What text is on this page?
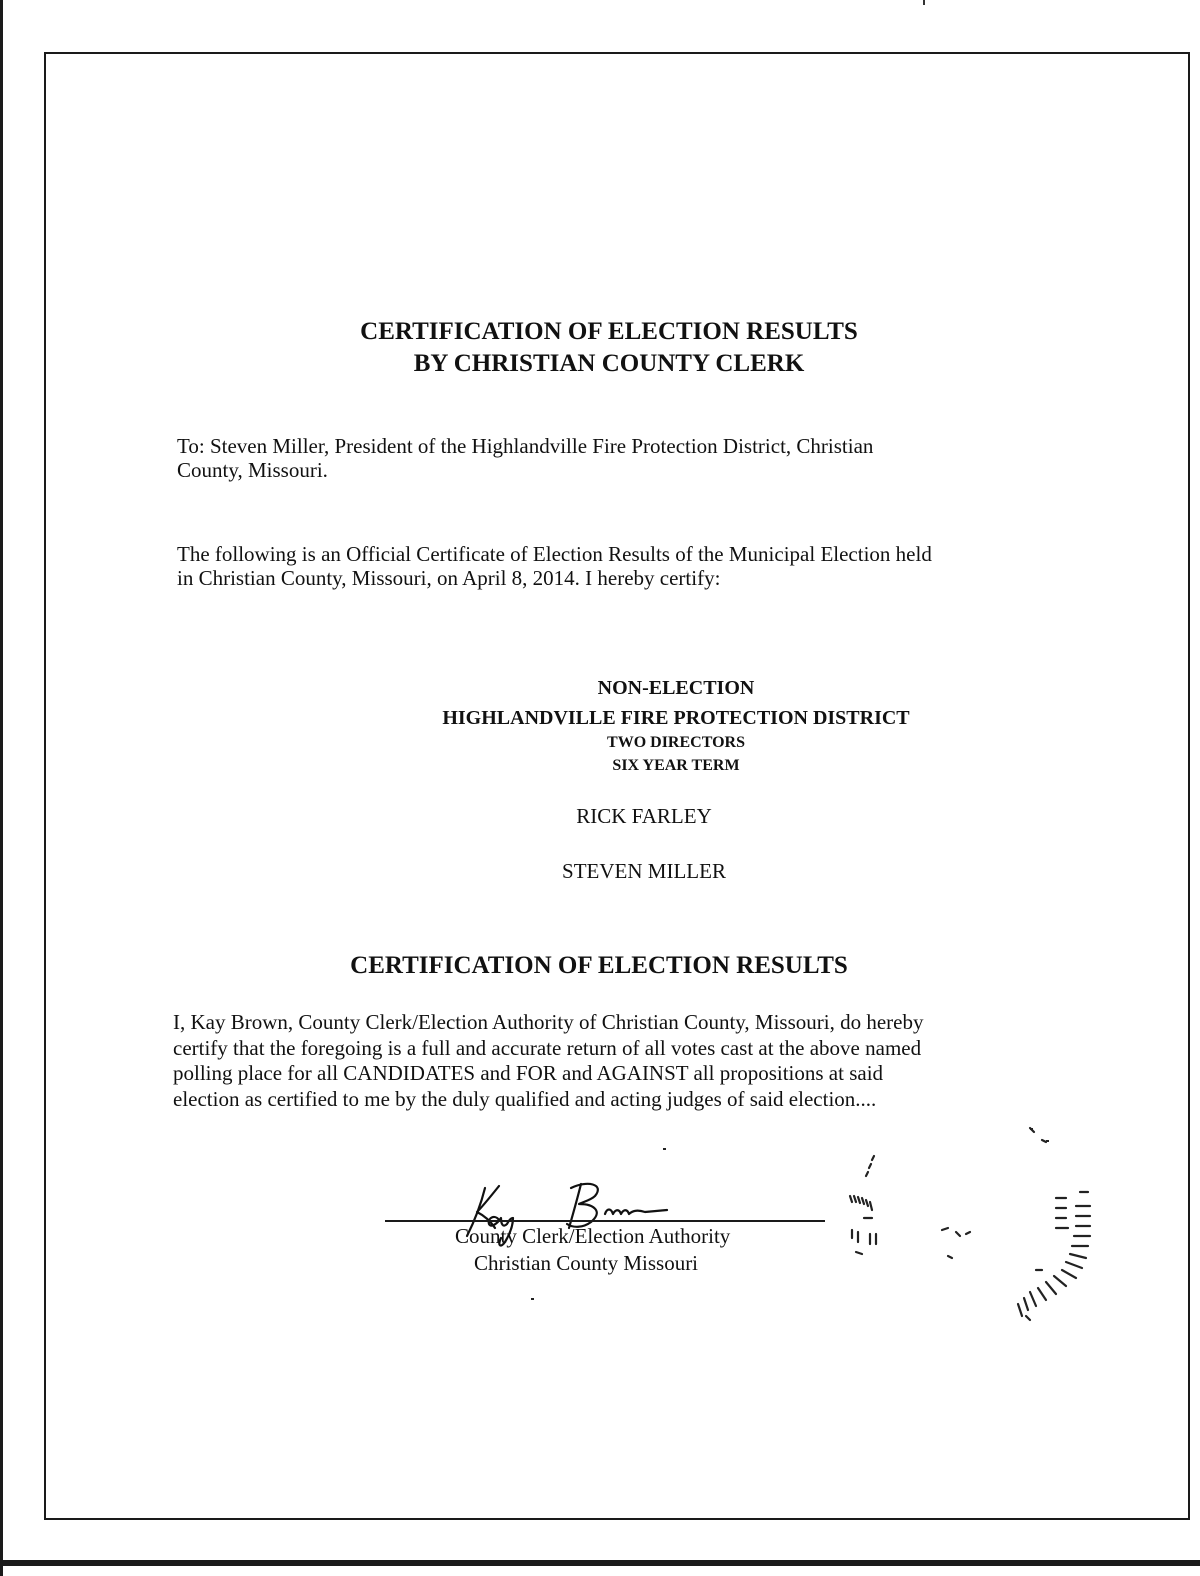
CERTIFICATION OF ELECTION RESULTS
BY CHRISTIAN COUNTY CLERK
To: Steven Miller, President of the Highlandville Fire Protection District, Christian
County, Missouri.
The following is an Official Certificate of Election Results of the Municipal Election held
in Christian County, Missouri, on April 8, 2014. I hereby certify:
NON-ELECTION
HIGHLANDVILLE FIRE PROTECTION DISTRICT
TWO DIRECTORS
SIX YEAR TERM
RICK FARLEY
STEVEN MILLER
CERTIFICATION OF ELECTION RESULTS
I, Kay Brown, County Clerk/Election Authority of Christian County, Missouri, do hereby
certify that the foregoing is a full and accurate return of all votes cast at the above named
polling place for all CANDIDATES and FOR and AGAINST all propositions at said
election as certified to me by the duly qualified and acting judges of said election....
County Clerk/Election Authority
Christian County Missouri
